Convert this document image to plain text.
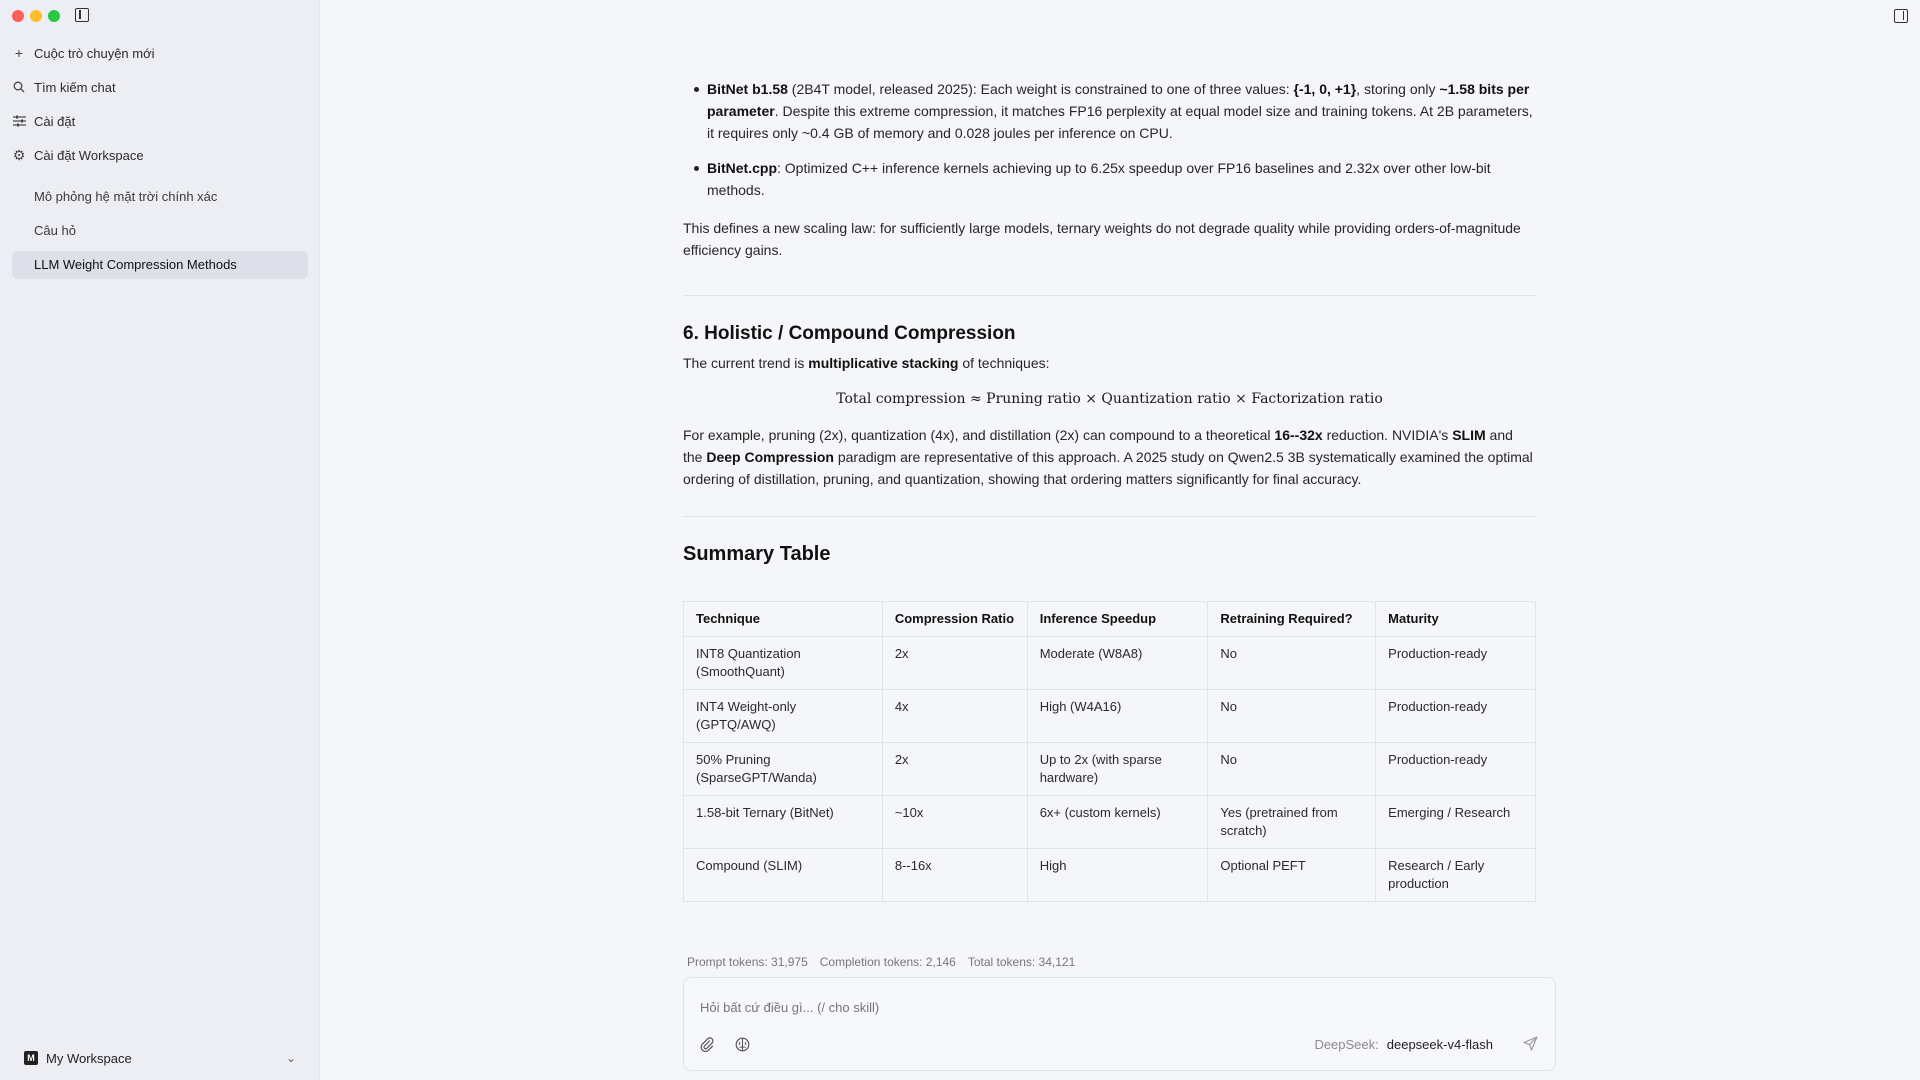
+ Cuộc trò chuyện mới
Tìm kiếm chat
Cài đặt
⚙ Cài đặt Workspace
Mô phỏng hệ mặt trời chính xác
Câu hỏ
LLM Weight Compression Methods
M My Workspace	⌄
BitNet b1.58 (2B4T model, released 2025): Each weight is constrained to one of three values: {-1, 0, +1}, storing only ~1.58 bits per parameter. Despite this extreme compression, it matches FP16 perplexity at equal model size and training tokens. At 2B parameters, it requires only ~0.4 GB of memory and 0.028 joules per inference on CPU.
BitNet.cpp: Optimized C++ inference kernels achieving up to 6.25x speedup over FP16 baselines and 2.32x over other low-bit methods.

This defines a new scaling law: for sufficiently large models, ternary weights do not degrade quality while providing orders-of-magnitude efficiency gains.

6. Holistic / Compound Compression

The current trend is multiplicative stacking of techniques:

Total compression ≈ Pruning ratio × Quantization ratio × Factorization ratio

For example, pruning (2x), quantization (4x), and distillation (2x) can compound to a theoretical 16--32x reduction. NVIDIA's SLIM and the Deep Compression paradigm are representative of this approach. A 2025 study on Qwen2.5 3B systematically examined the optimal ordering of distillation, pruning, and quantization, showing that ordering matters significantly for final accuracy.

Summary Table
Technique	Compression Ratio	Inference Speedup	Retraining Required?	Maturity
INT8 Quantization (SmoothQuant)	2x	Moderate (W8A8)	No	Production-ready
INT4 Weight-only (GPTQ/AWQ)	4x	High (W4A16)	No	Production-ready
50% Pruning (SparseGPT/Wanda)	2x	Up to 2x (with sparse hardware)	No	Production-ready
1.58-bit Ternary (BitNet)	~10x	6x+ (custom kernels)	Yes (pretrained from scratch)	Emerging / Research
Compound (SLIM)	8--16x	High	Optional PEFT	Research / Early production
Prompt tokens: 31,975 Completion tokens: 2,146 Total tokens: 34,121
Hỏi bất cứ điều gì... (/ cho skill)
DeepSeek: deepseek-v4-flash
